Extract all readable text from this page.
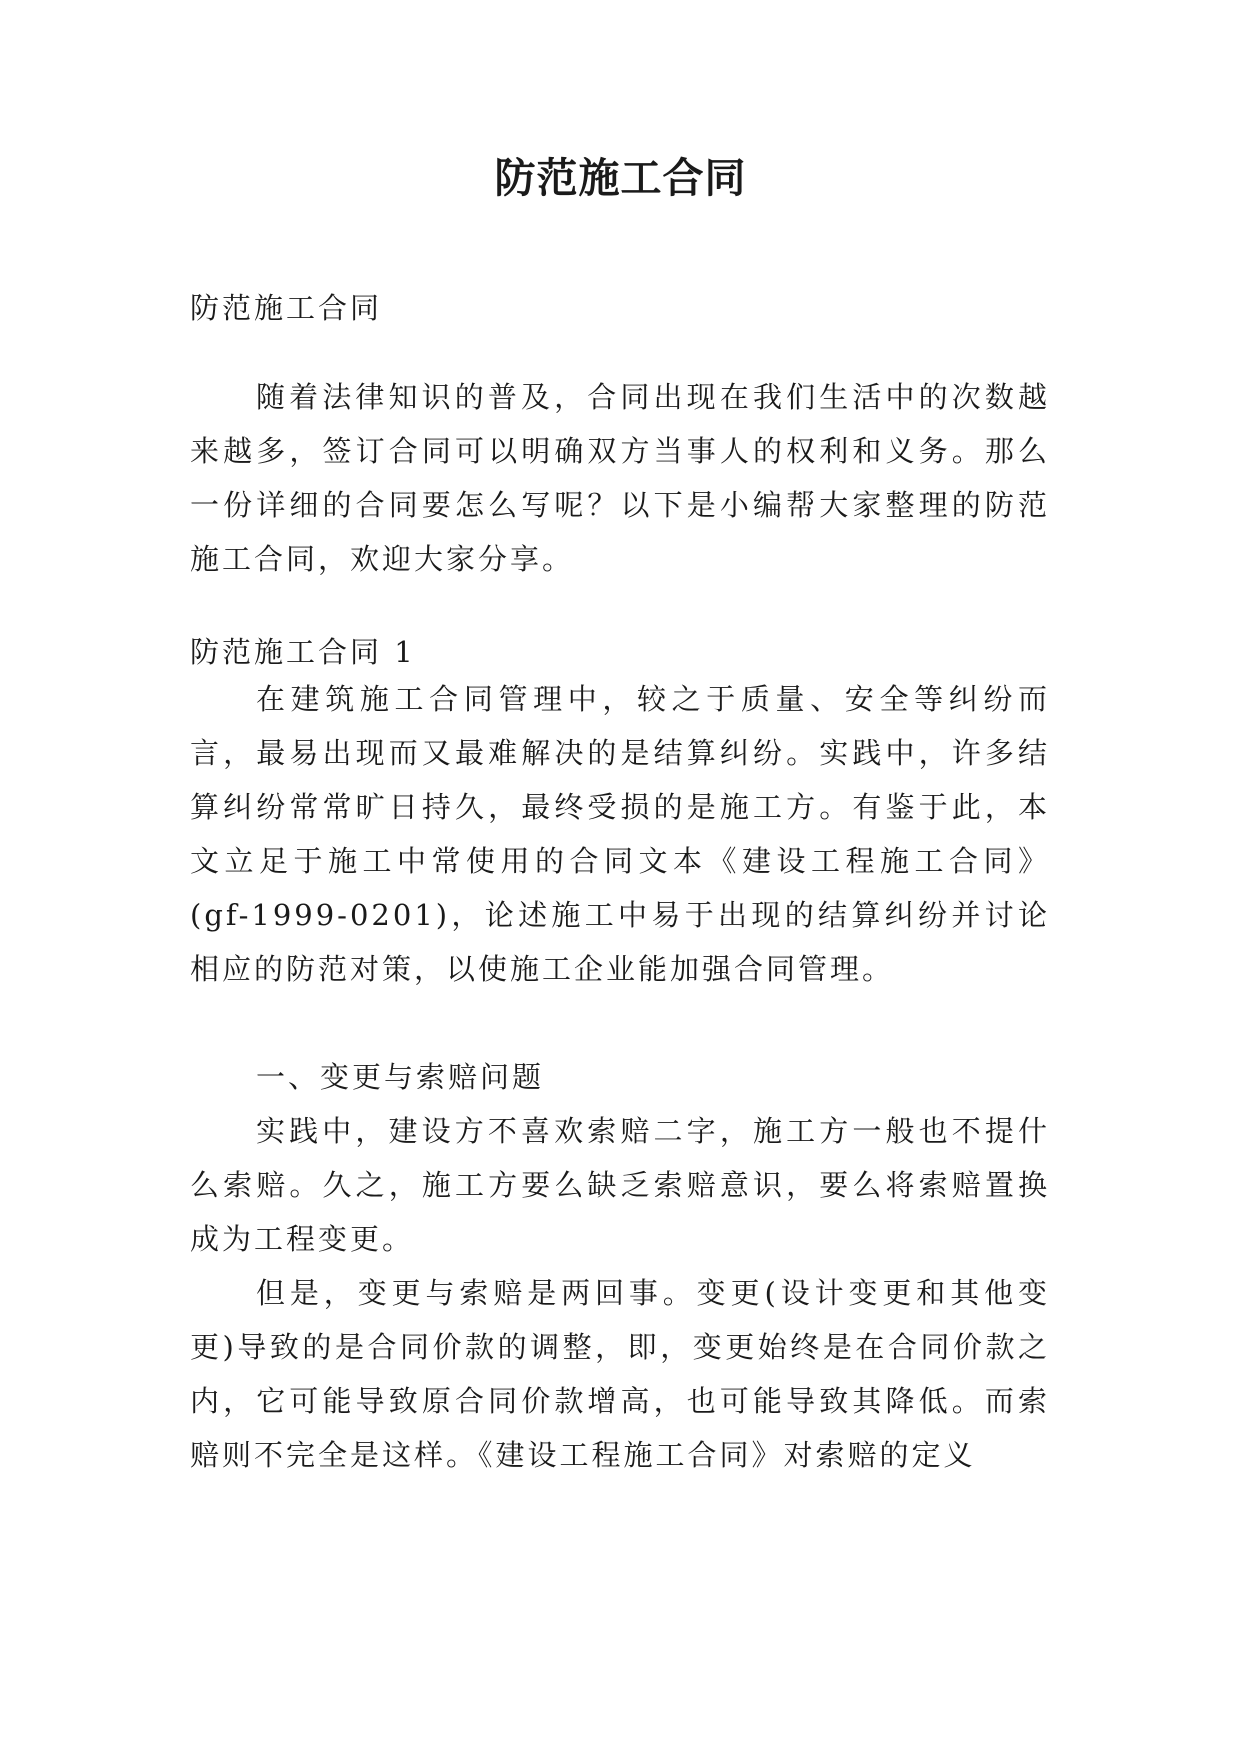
防范施工合同

防范施工合同

随着法律知识的普及，合同出现在我们生活中的次数越来越多，签订合同可以明确双方当事人的权利和义务。那么一份详细的合同要怎么写呢？以下是小编帮大家整理的防范施工合同，欢迎大家分享。

防范施工合同 1

在建筑施工合同管理中，较之于质量、安全等纠纷而言，最易出现而又最难解决的是结算纠纷。实践中，许多结算纠纷常常旷日持久，最终受损的是施工方。有鉴于此，本文立足于施工中常使用的合同文本《建设工程施工合同》(gf-1999-0201)，论述施工中易于出现的结算纠纷并讨论相应的防范对策，以使施工企业能加强合同管理。

一、变更与索赔问题

实践中，建设方不喜欢索赔二字，施工方一般也不提什么索赔。久之，施工方要么缺乏索赔意识，要么将索赔置换成为工程变更。

但是，变更与索赔是两回事。变更(设计变更和其他变更)导致的是合同价款的调整，即，变更始终是在合同价款之内，它可能导致原合同价款增高，也可能导致其降低。而索赔则不完全是这样。《建设工程施工合同》对索赔的定义
